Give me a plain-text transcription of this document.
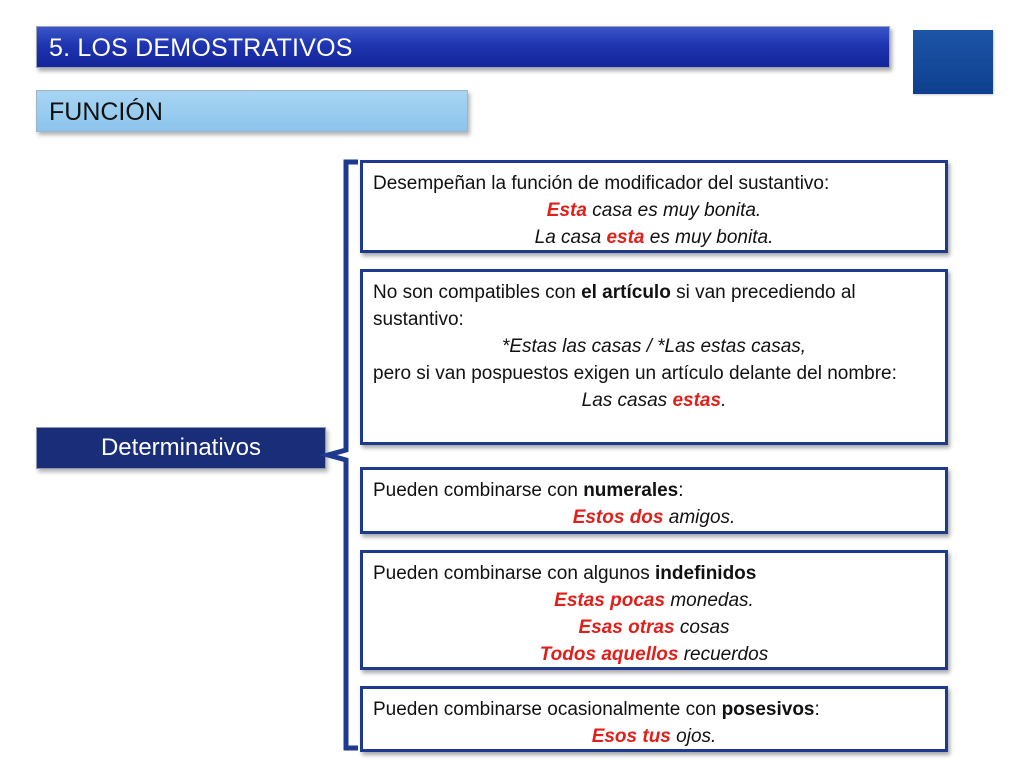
5. LOS DEMOSTRATIVOS
FUNCIÓN
Determinativos
Desempeñan la función de modificador del sustantivo:
Esta casa es muy bonita.
La casa esta es muy bonita.
No son compatibles con el artículo si van precediendo al sustantivo:
*Estas las casas / *Las estas casas,
pero si van pospuestos exigen un artículo delante del nombre:
Las casas estas.
Pueden combinarse con numerales:
Estos dos amigos.
Pueden combinarse con algunos indefinidos
Estas pocas monedas.
Esas otras cosas
Todos aquellos recuerdos
Pueden combinarse ocasionalmente con posesivos:
Esos tus ojos.
